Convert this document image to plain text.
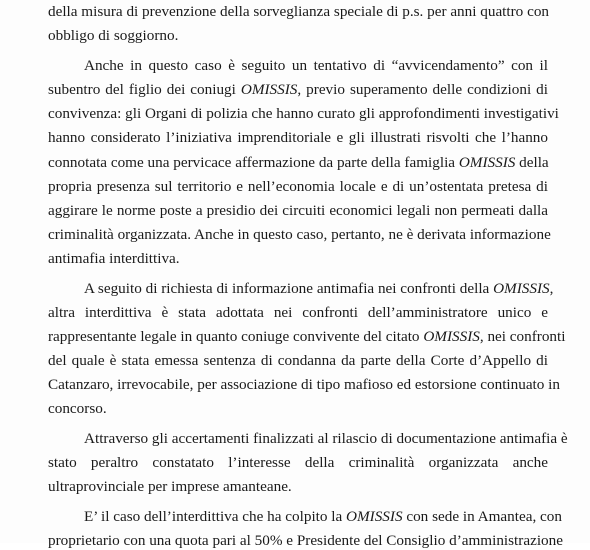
della misura di prevenzione della sorveglianza speciale di p.s. per anni quattro con
obbligo di soggiorno.
Anche in questo caso è seguito un tentativo di “avvicendamento” con il
subentro del figlio dei coniugi OMISSIS, previo superamento delle condizioni di
convivenza: gli Organi di polizia che hanno curato gli approfondimenti investigativi
hanno considerato l’iniziativa imprenditoriale e gli illustrati risvolti che l’hanno
connotata come una pervicace affermazione da parte della famiglia OMISSIS della
propria presenza sul territorio e nell’economia locale e di un’ostentata pretesa di
aggirare le norme poste a presidio dei circuiti economici legali non permeati dalla
criminalità organizzata. Anche in questo caso, pertanto, ne è derivata informazione
antimafia interdittiva.
A seguito di richiesta di informazione antimafia nei confronti della OMISSIS,
altra interdittiva è stata adottata nei confronti dell’amministratore unico e
rappresentante legale in quanto coniuge convivente del citato OMISSIS, nei confronti
del quale è stata emessa sentenza di condanna da parte della Corte d’Appello di
Catanzaro, irrevocabile, per associazione di tipo mafioso ed estorsione continuato in
concorso.
Attraverso gli accertamenti finalizzati al rilascio di documentazione antimafia è
stato peraltro constatato l’interesse della criminalità organizzata anche
ultraprovinciale per imprese amanteane.
E’ il caso dell’interdittiva che ha colpito la OMISSIS con sede in Amantea, con
proprietario con una quota pari al 50% e Presidente del Consiglio d’amministrazione
